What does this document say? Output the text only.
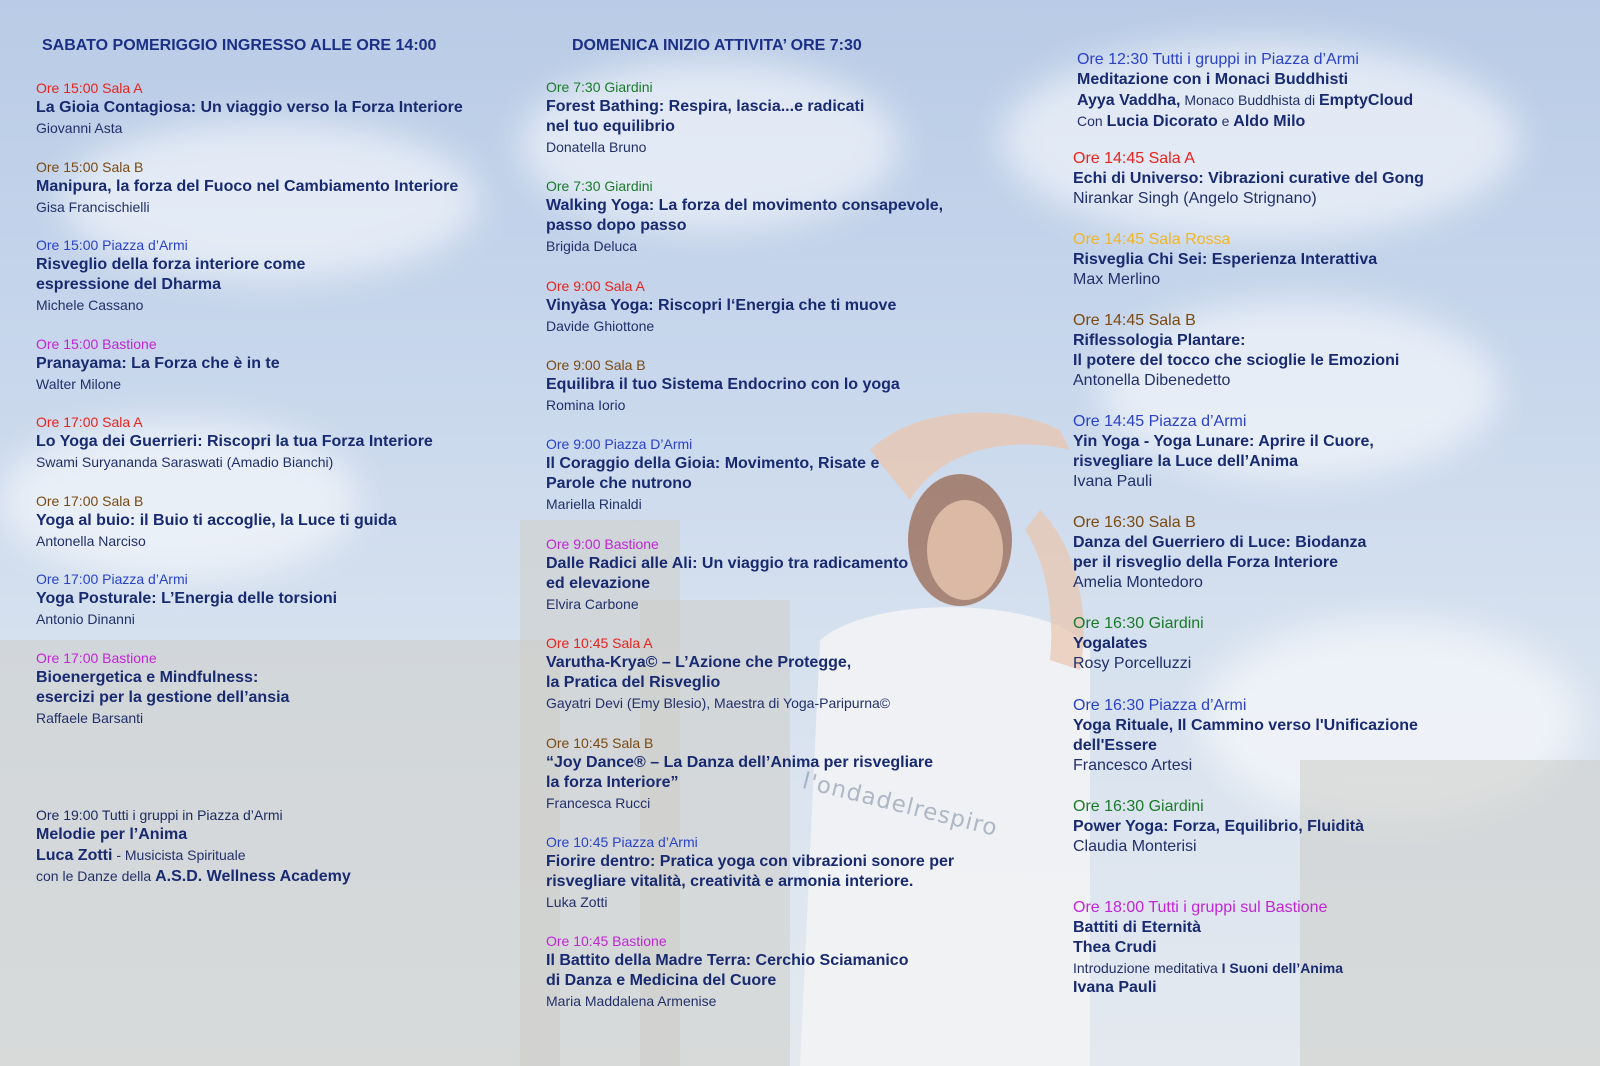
l'ondadelrespiro
SABATO POMERIGGIO INGRESSO ALLE ORE 14:00
Ore 15:00 Sala A
La Gioia Contagiosa: Un viaggio verso la Forza Interiore
Giovanni Asta
Ore 15:00 Sala B
Manipura, la forza del Fuoco nel Cambiamento Interiore
Gisa Francischielli
Ore 15:00 Piazza d’Armi
Risveglio della forza interiore come
espressione del Dharma
Michele Cassano
Ore 15:00 Bastione
Pranayama: La Forza che è in te
Walter Milone
Ore 17:00 Sala A
Lo Yoga dei Guerrieri: Riscopri la tua Forza Interiore
Swami Suryananda Saraswati (Amadio Bianchi)
Ore 17:00 Sala B
Yoga al buio: il Buio ti accoglie, la Luce ti guida
Antonella Narciso
Ore 17:00 Piazza d’Armi
Yoga Posturale: L’Energia delle torsioni
Antonio Dinanni
Ore 17:00 Bastione
Bioenergetica e Mindfulness:
esercizi per la gestione dell’ansia
Raffaele Barsanti
Ore 19:00 Tutti i gruppi in Piazza d’Armi
Melodie per l’Anima
Luca Zotti - Musicista Spirituale
con le Danze della A.S.D. Wellness Academy
DOMENICA INIZIO ATTIVITA’ ORE 7:30
Ore 7:30 Giardini
Forest Bathing: Respira, lascia...e radicati
nel tuo equilibrio
Donatella Bruno
Ore 7:30 Giardini
Walking Yoga: La forza del movimento consapevole,
passo dopo passo
Brigida Deluca
Ore 9:00 Sala A
Vinyàsa Yoga: Riscopri l‘Energia che ti muove
Davide Ghiottone
Ore 9:00 Sala B
Equilibra il tuo Sistema Endocrino con lo yoga
Romina Iorio
Ore 9:00 Piazza D’Armi
Il Coraggio della Gioia: Movimento, Risate e
Parole che nutrono
Mariella Rinaldi
Ore 9:00 Bastione
Dalle Radici alle Ali: Un viaggio tra radicamento
ed elevazione
Elvira Carbone
Ore 10:45 Sala A
Varutha-Krya© – L’Azione che Protegge,
la Pratica del Risveglio
Gayatri Devi (Emy Blesio), Maestra di Yoga-Paripurna©
Ore 10:45 Sala B
“Joy Dance® – La Danza dell’Anima per risvegliare
la forza Interiore”
Francesca Rucci
Ore 10:45 Piazza d’Armi
Fiorire dentro: Pratica yoga con vibrazioni sonore per
risvegliare vitalità, creatività e armonia interiore.
Luka Zotti
Ore 10:45 Bastione
Il Battito della Madre Terra: Cerchio Sciamanico
di Danza e Medicina del Cuore
Maria Maddalena Armenise
Ore 12:30 Tutti i gruppi in Piazza d’Armi
Meditazione con i Monaci Buddhisti
Ayya Vaddha, Monaco Buddhista di EmptyCloud
Con Lucia Dicorato e Aldo Milo
Ore 14:45 Sala A
Echi di Universo: Vibrazioni curative del Gong
Nirankar Singh (Angelo Strignano)
Ore 14:45 Sala Rossa
Risveglia Chi Sei: Esperienza Interattiva
Max Merlino
Ore 14:45 Sala B
Riflessologia Plantare:
Il potere del tocco che scioglie le Emozioni
Antonella Dibenedetto
Ore 14:45 Piazza d’Armi
Yin Yoga - Yoga Lunare: Aprire il Cuore,
risvegliare la Luce dell’Anima
Ivana Pauli
Ore 16:30 Sala B
Danza del Guerriero di Luce: Biodanza
per il risveglio della Forza Interiore
Amelia Montedoro
Ore 16:30 Giardini
Yogalates
Rosy Porcelluzzi
Ore 16:30 Piazza d’Armi
Yoga Rituale, Il Cammino verso l'Unificazione
dell'Essere
Francesco Artesi
Ore 16:30 Giardini
Power Yoga: Forza, Equilibrio, Fluidità
Claudia Monterisi
Ore 18:00 Tutti i gruppi sul Bastione
Battiti di Eternità
Thea Crudi
Introduzione meditativa I Suoni dell’Anima
Ivana Pauli
